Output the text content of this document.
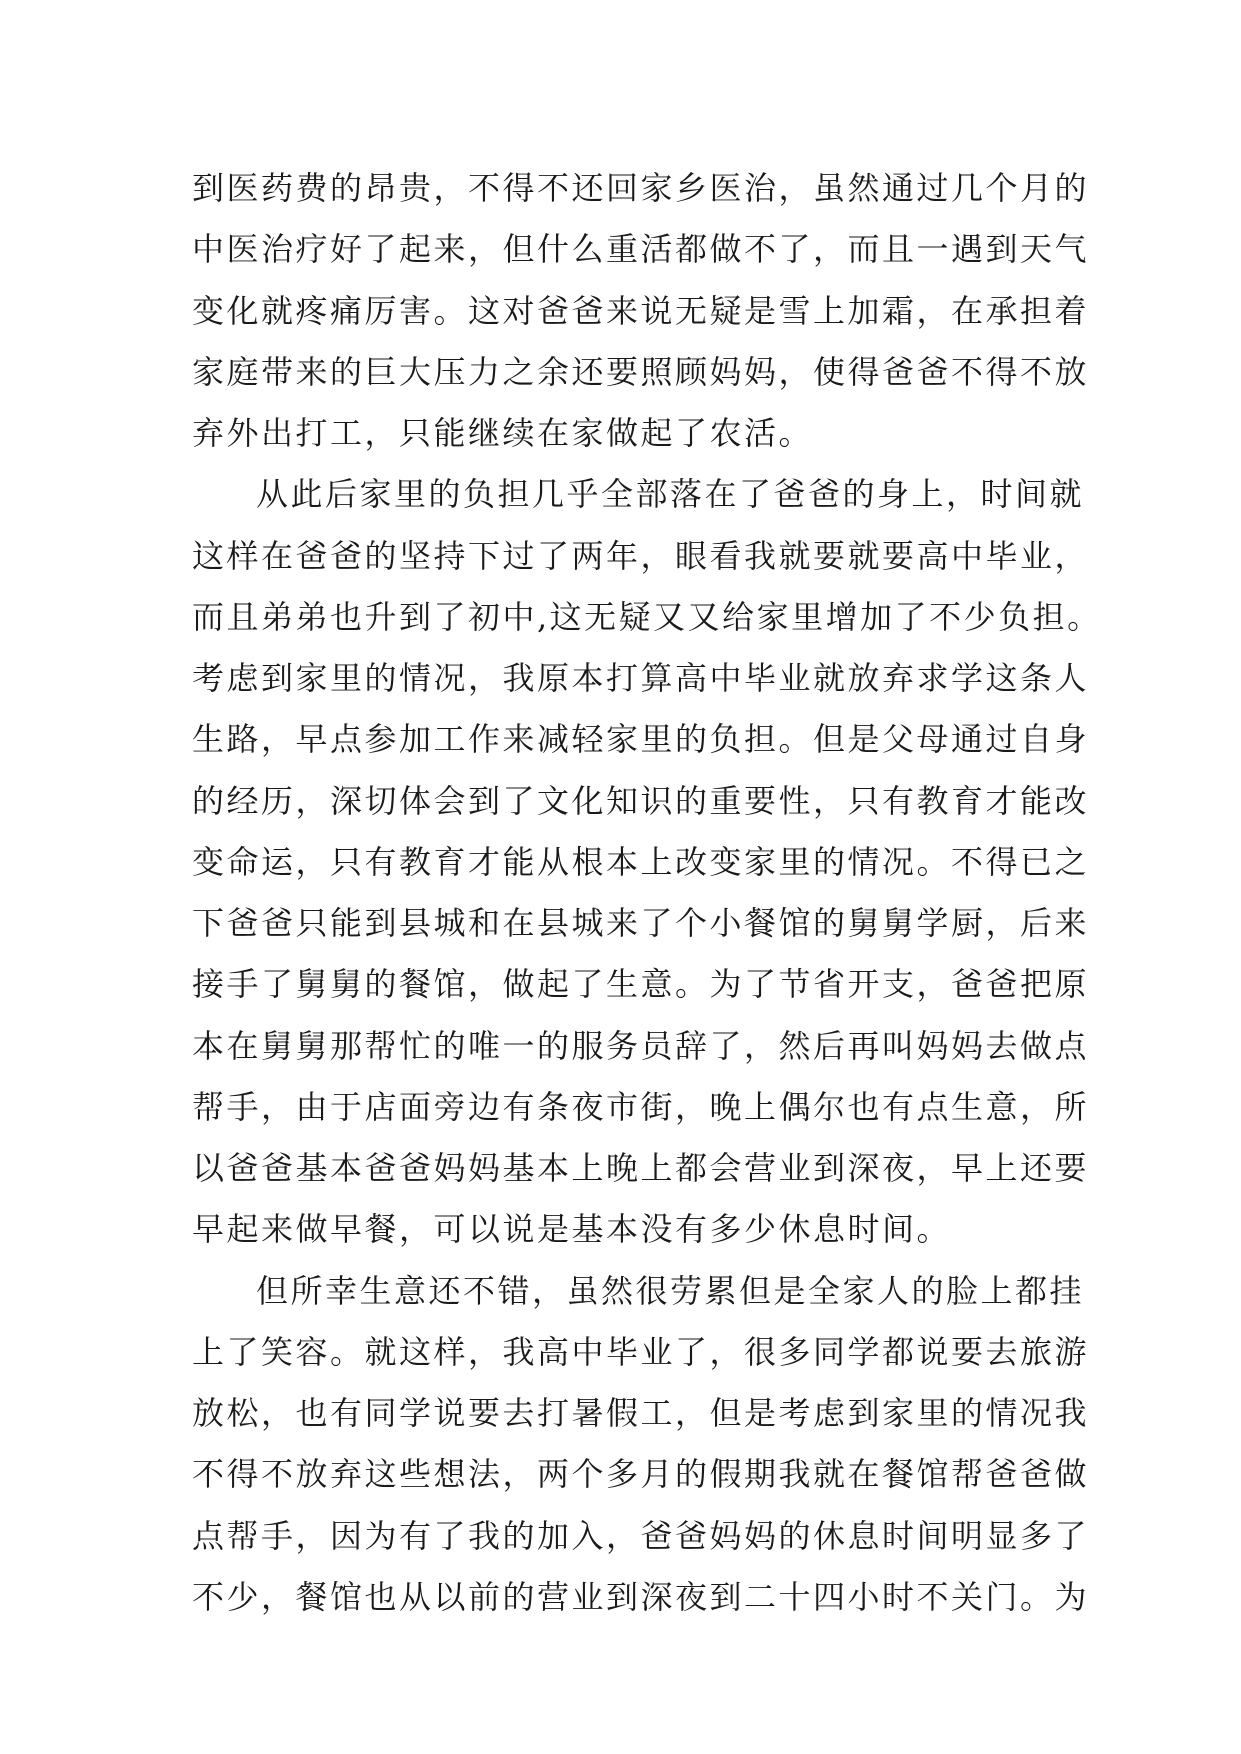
到医药费的昂贵，不得不还回家乡医治，虽然通过几个月的
中医治疗好了起来，但什么重活都做不了，而且一遇到天气
变化就疼痛厉害。这对爸爸来说无疑是雪上加霜，在承担着
家庭带来的巨大压力之余还要照顾妈妈，使得爸爸不得不放
弃外出打工，只能继续在家做起了农活。
从此后家里的负担几乎全部落在了爸爸的身上，时间就
这样在爸爸的坚持下过了两年，眼看我就要就要高中毕业，
而且弟弟也升到了初中,这无疑又又给家里增加了不少负担。
考虑到家里的情况，我原本打算高中毕业就放弃求学这条人
生路，早点参加工作来减轻家里的负担。但是父母通过自身
的经历，深切体会到了文化知识的重要性，只有教育才能改
变命运，只有教育才能从根本上改变家里的情况。不得已之
下爸爸只能到县城和在县城来了个小餐馆的舅舅学厨，后来
接手了舅舅的餐馆，做起了生意。为了节省开支，爸爸把原
本在舅舅那帮忙的唯一的服务员辞了，然后再叫妈妈去做点
帮手，由于店面旁边有条夜市街，晚上偶尔也有点生意，所
以爸爸基本爸爸妈妈基本上晚上都会营业到深夜，早上还要
早起来做早餐，可以说是基本没有多少休息时间。
但所幸生意还不错，虽然很劳累但是全家人的脸上都挂
上了笑容。就这样，我高中毕业了，很多同学都说要去旅游
放松，也有同学说要去打暑假工，但是考虑到家里的情况我
不得不放弃这些想法，两个多月的假期我就在餐馆帮爸爸做
点帮手，因为有了我的加入，爸爸妈妈的休息时间明显多了
不少，餐馆也从以前的营业到深夜到二十四小时不关门。为
